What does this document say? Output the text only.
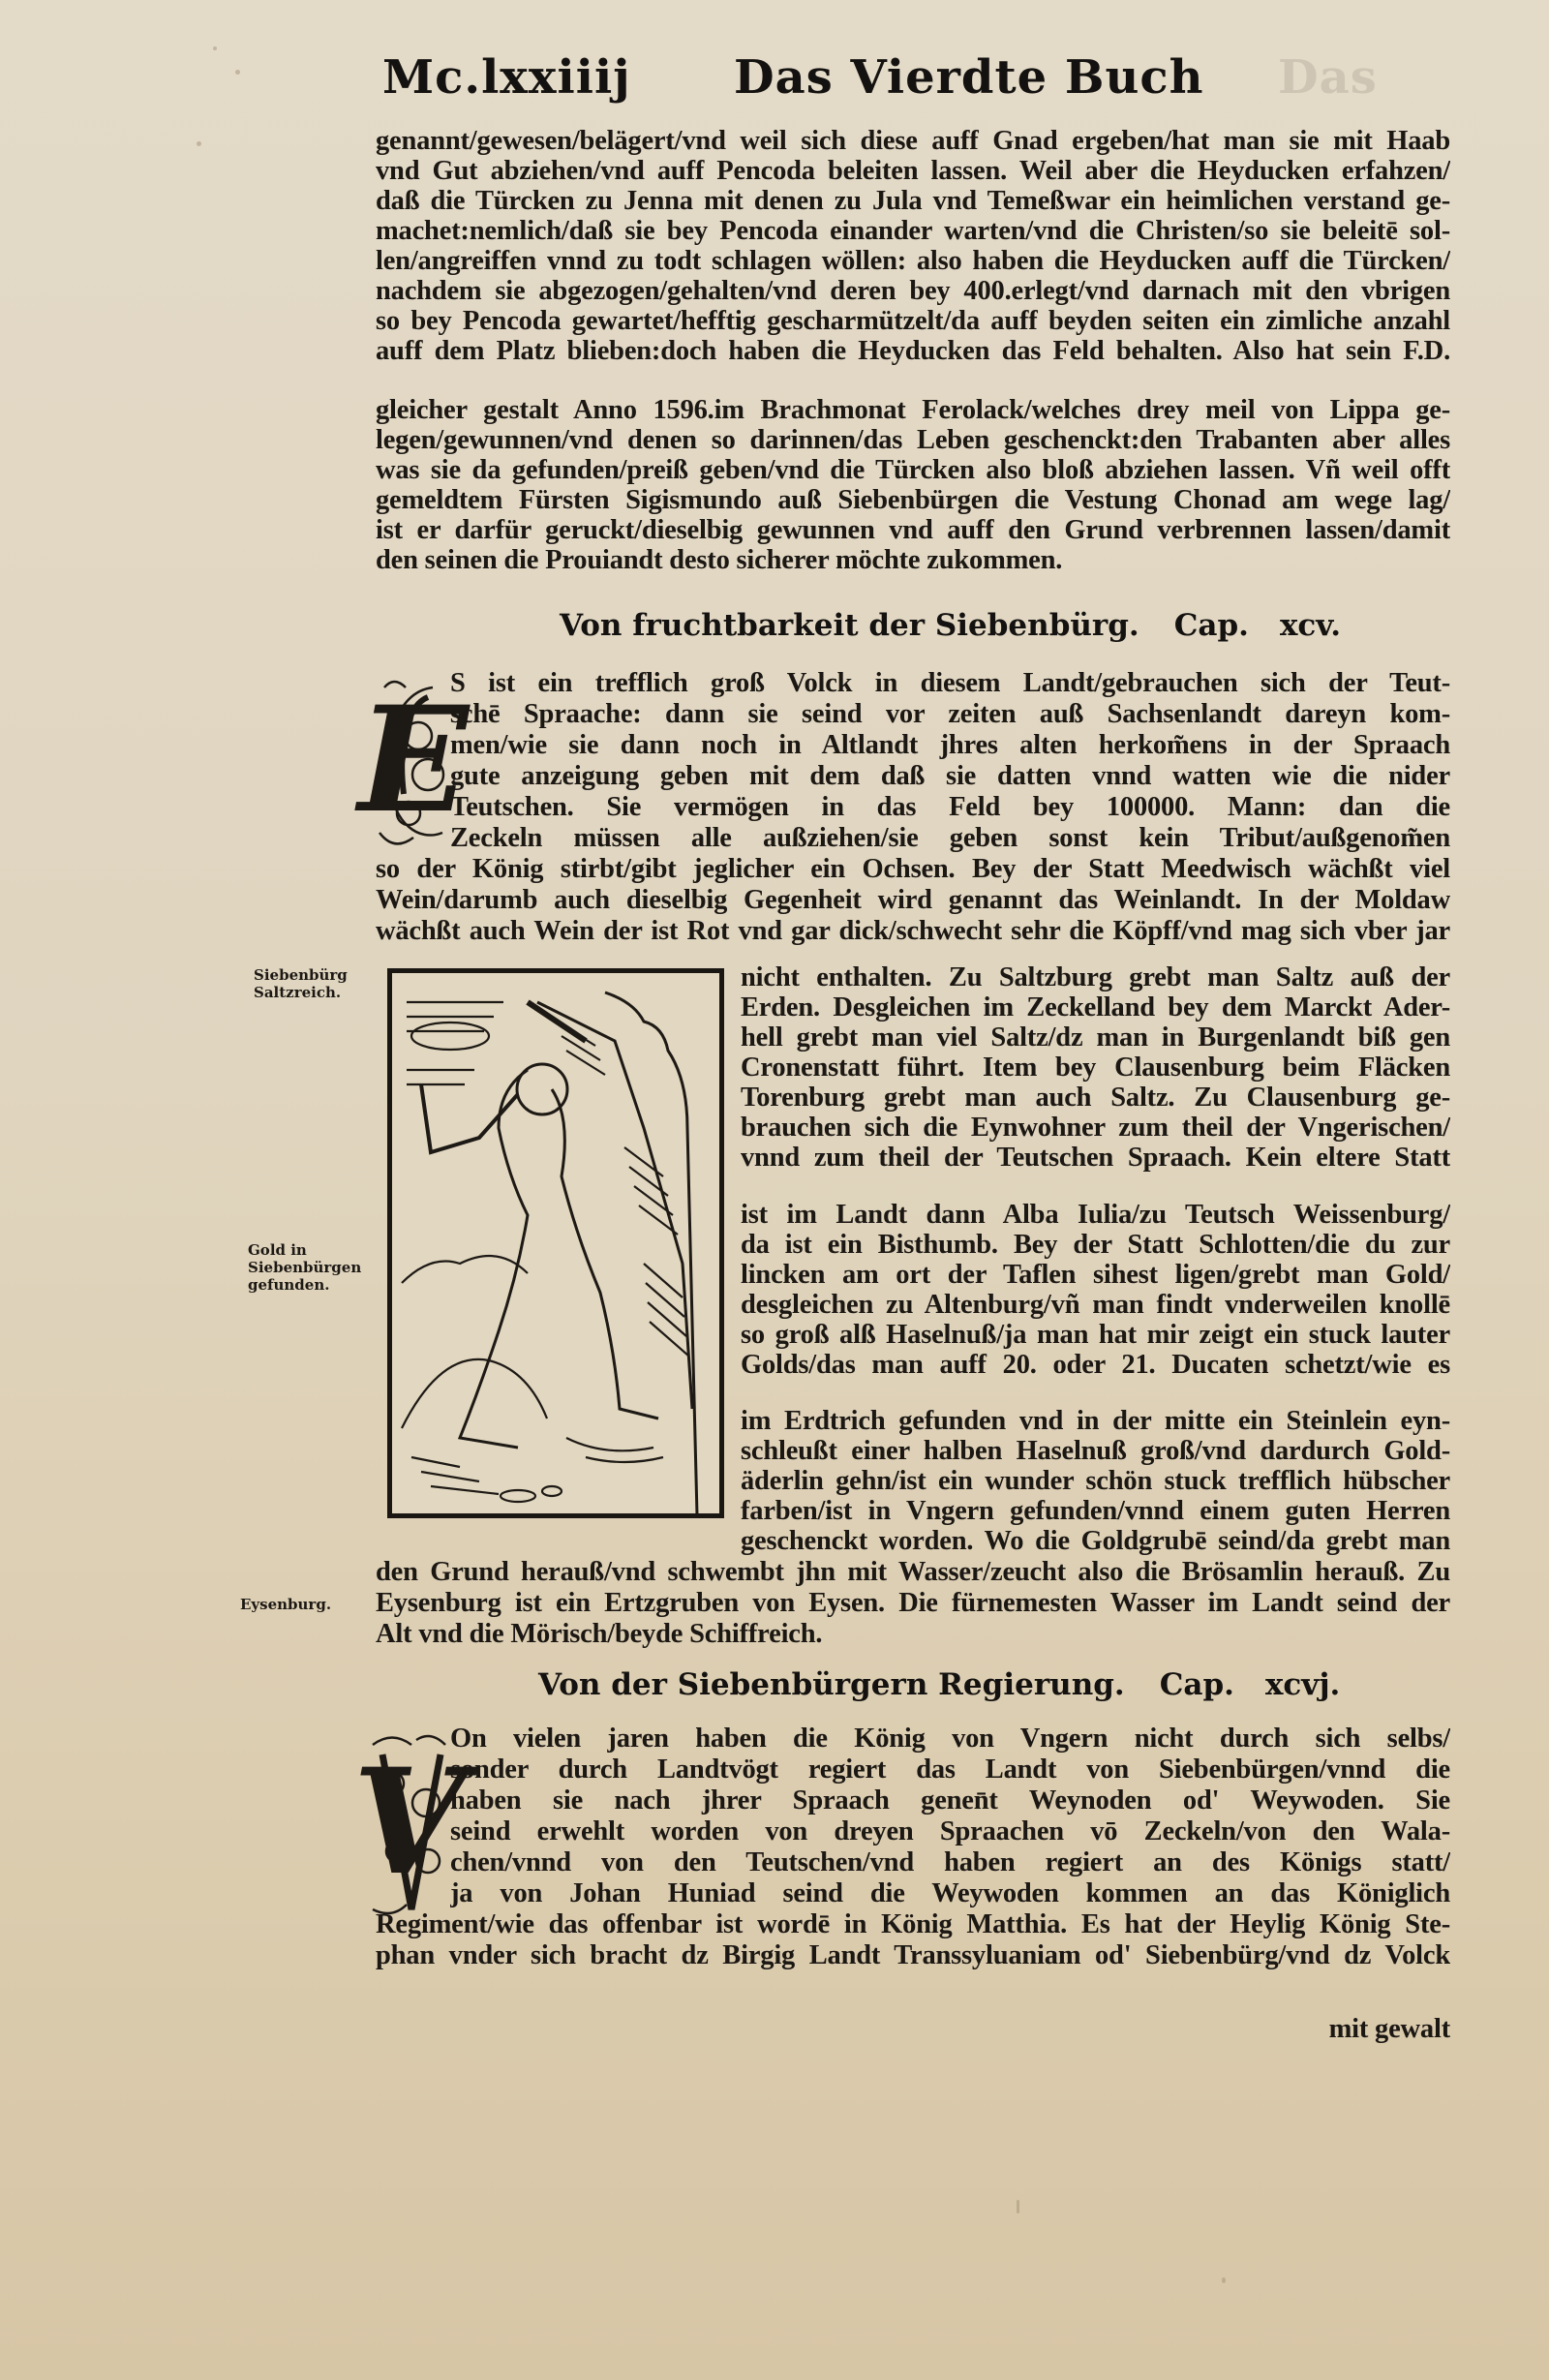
Mc.lxxiiij Das Vierdte Buch Das
genannt/gewesen/belägert/vnd weil sich diese auff Gnad ergeben/hat man sie mit Haab
vnd Gut abziehen/vnd auff Pencoda beleiten lassen. Weil aber die Heyducken erfahzen/
daß die Türcken zu Jenna mit denen zu Jula vnd Temeßwar ein heimlichen verstand ge-
machet:nemlich/daß sie bey Pencoda einander warten/vnd die Christen/so sie beleitē sol-
len/angreiffen vnnd zu todt schlagen wöllen: also haben die Heyducken auff die Türcken/
nachdem sie abgezogen/gehalten/vnd deren bey 400.erlegt/vnd darnach mit den vbrigen
so bey Pencoda gewartet/hefftig gescharmützelt/da auff beyden seiten ein zimliche anzahl
auff dem Platz blieben:doch haben die Heyducken das Feld behalten. Also hat sein F.D.
gleicher gestalt Anno 1596.im Brachmonat Ferolack/welches drey meil von Lippa ge-
legen/gewunnen/vnd denen so darinnen/das Leben geschenckt:den Trabanten aber alles
was sie da gefunden/preiß geben/vnd die Türcken also bloß abziehen lassen. Vñ weil offt
gemeldtem Fürsten Sigismundo auß Siebenbürgen die Vestung Chonad am wege lag/
ist er darfür geruckt/dieselbig gewunnen vnd auff den Grund verbrennen lassen/damit
den seinen die Prouiandt desto sicherer möchte zukommen.
Von fruchtbarkeit der Siebenbürg. Cap. xcv.
E
S ist ein trefflich groß Volck in diesem Landt/gebrauchen sich der Teut-
schē Spraache: dann sie seind vor zeiten auß Sachsenlandt dareyn kom-
men/wie sie dann noch in Altlandt jhres alten herkom̃ens in der Spraach
gute anzeigung geben mit dem daß sie datten vnnd watten wie die nider
Teutschen. Sie vermögen in das Feld bey 100000. Mann: dan die
Zeckeln müssen alle außziehen/sie geben sonst kein Tribut/außgenom̃en
so der König stirbt/gibt jeglicher ein Ochsen. Bey der Statt Meedwisch wächßt viel
Wein/darumb auch dieselbig Gegenheit wird genannt das Weinlandt. In der Moldaw
wächßt auch Wein der ist Rot vnd gar dick/schwecht sehr die Köpff/vnd mag sich vber jar
nicht enthalten. Zu Saltzburg grebt man Saltz auß der
Erden. Desgleichen im Zeckelland bey dem Marckt Ader-
hell grebt man viel Saltz/dz man in Burgenlandt biß gen
Cronenstatt führt. Item bey Clausenburg beim Fläcken
Torenburg grebt man auch Saltz. Zu Clausenburg ge-
brauchen sich die Eynwohner zum theil der Vngerischen/
vnnd zum theil der Teutschen Spraach. Kein eltere Statt
ist im Landt dann Alba Iulia/zu Teutsch Weissenburg/
da ist ein Bisthumb. Bey der Statt Schlotten/die du zur
lincken am ort der Taflen sihest ligen/grebt man Gold/
desgleichen zu Altenburg/vñ man findt vnderweilen knollē
so groß alß Haselnuß/ja man hat mir zeigt ein stuck lauter
Golds/das man auff 20. oder 21. Ducaten schetzt/wie es
im Erdtrich gefunden vnd in der mitte ein Steinlein eyn-
schleußt einer halben Haselnuß groß/vnd dardurch Gold-
äderlin gehn/ist ein wunder schön stuck trefflich hübscher
farben/ist in Vngern gefunden/vnnd einem guten Herren
geschenckt worden. Wo die Goldgrubē seind/da grebt man
den Grund herauß/vnd schwembt jhn mit Wasser/zeucht also die Brösamlin herauß. Zu
Eysenburg ist ein Ertzgruben von Eysen. Die fürnemesten Wasser im Landt seind der
Alt vnd die Mörisch/beyde Schiffreich.
Siebenbürg Saltzreich.
Gold in Siebenbürgen gefunden.
Eysenburg.
Von der Siebenbürgern Regierung. Cap. xcvj.
V
On vielen jaren haben die König von Vngern nicht durch sich selbs/
sonder durch Landtvögt regiert das Landt von Siebenbürgen/vnnd die
haben sie nach jhrer Spraach genen̄t Weynoden od' Weywoden. Sie
seind erwehlt worden von dreyen Spraachen vō Zeckeln/von den Wala-
chen/vnnd von den Teutschen/vnd haben regiert an des Königs statt/
ja von Johan Huniad seind die Weywoden kommen an das Königlich
Regiment/wie das offenbar ist wordē in König Matthia. Es hat der Heylig König Ste-
phan vnder sich bracht dz Birgig Landt Transsyluaniam od' Siebenbürg/vnd dz Volck
mit gewalt
